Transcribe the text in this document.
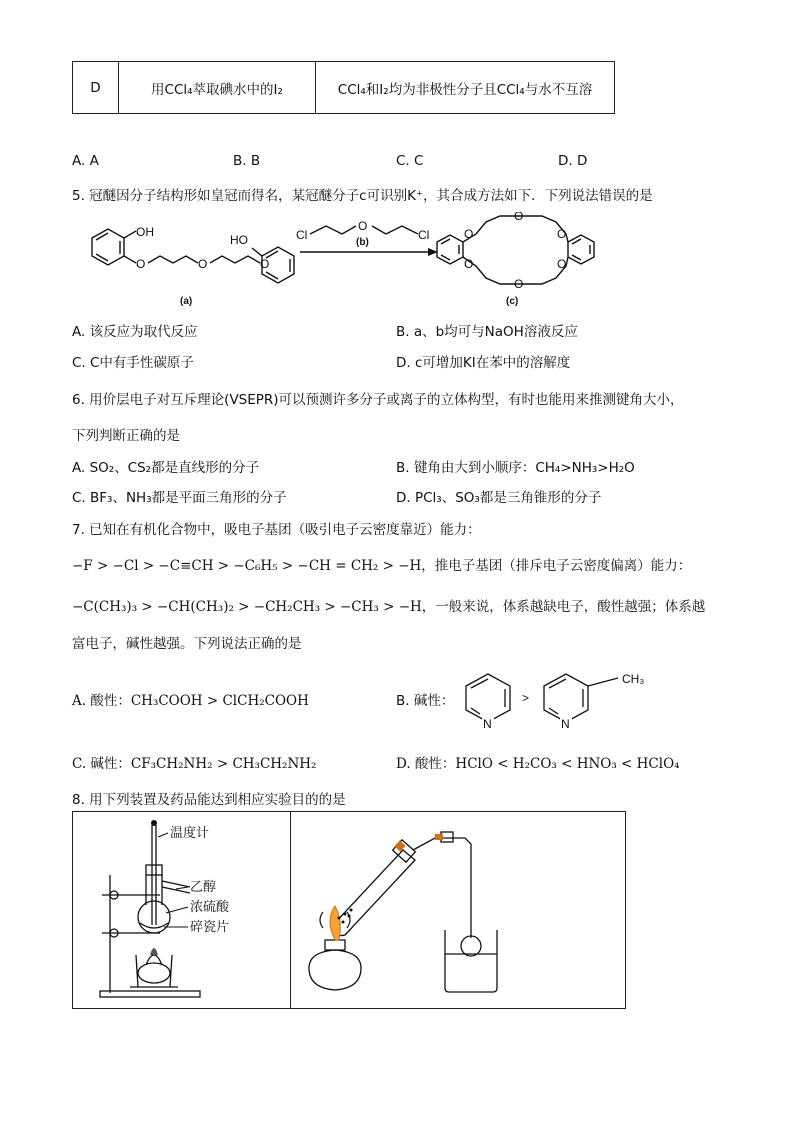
D	用CCl₄萃取碘水中的I₂	CCl₄和I₂均为非极性分子且CCl₄与水不互溶
A. A	B. B	C. C	D. D
5. 冠醚因分子结构形如皇冠而得名，某冠醚分子c可识别K⁺，其合成方法如下．下列说法错误的是
OH
O	O	O
HO	Cl
O
Cl	O
O
O
O
O
O
(a)
(b)
(c)
A. 该反应为取代反应	B. a、b均可与NaOH溶液反应
C. C中有手性碳原子	D. c可增加KI在苯中的溶解度
6. 用价层电子对互斥理论(VSEPR)可以预测许多分子或离子的立体构型，有时也能用来推测键角大小，
下列判断正确的是
A. SO₂、CS₂都是直线形的分子	B. 键角由大到小顺序：CH₄>NH₃>H₂O
C. BF₃、NH₃都是平面三角形的分子	D. PCl₃、SO₃都是三角锥形的分子
7. 已知在有机化合物中，吸电子基团（吸引电子云密度靠近）能力：
−F > −Cl > −C≡CH > −C₆H₅ > −CH = CH₂ > −H，推电子基团（排斥电子云密度偏离）能力：
−C(CH₃)₃ > −CH(CH₃)₂ > −CH₂CH₃ > −CH₃ > −H，一般来说，体系越缺电子，酸性越强；体系越
富电子，碱性越强。下列说法正确的是
A. 酸性：CH₃COOH > ClCH₂COOH	B. 碱性：
N	N
>
CH₃
C. 碱性：CF₃CH₂NH₂ > CH₃CH₂NH₂	D. 酸性：HClO < H₂CO₃ < HNO₃ < HClO₄
8. 用下列装置及药品能达到相应实验目的的是
温度计
乙醇
浓硫酸
碎瓷片
